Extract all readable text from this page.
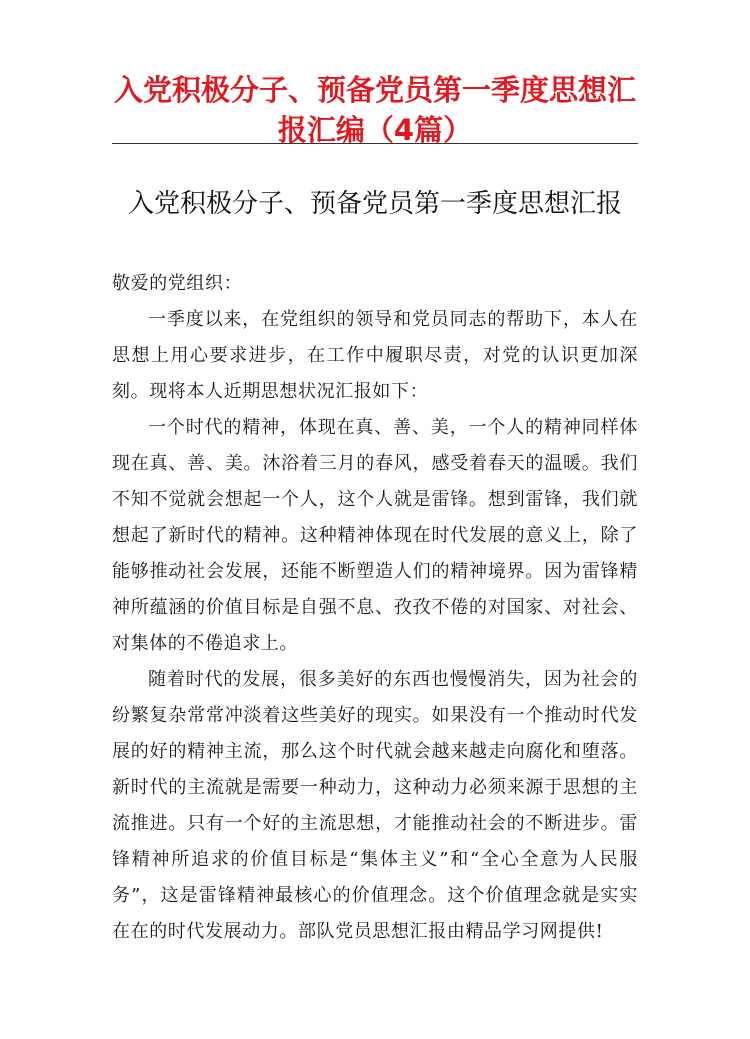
入党积极分子、预备党员第一季度思想汇报汇编（4篇）
入党积极分子、预备党员第一季度思想汇报

敬爱的党组织：

一季度以来，在党组织的领导和党员同志的帮助下，本人在思想上用心要求进步，在工作中履职尽责，对党的认识更加深刻。现将本人近期思想状况汇报如下：

一个时代的精神，体现在真、善、美，一个人的精神同样体现在真、善、美。沐浴着三月的春风，感受着春天的温暖。我们不知不觉就会想起一个人，这个人就是雷锋。想到雷锋，我们就想起了新时代的精神。这种精神体现在时代发展的意义上，除了能够推动社会发展，还能不断塑造人们的精神境界。因为雷锋精神所蕴涵的价值目标是自强不息、孜孜不倦的对国家、对社会、对集体的不倦追求上。

随着时代的发展，很多美好的东西也慢慢消失，因为社会的纷繁复杂常常冲淡着这些美好的现实。如果没有一个推动时代发展的好的精神主流，那么这个时代就会越来越走向腐化和堕落。新时代的主流就是需要一种动力，这种动力必须来源于思想的主流推进。只有一个好的主流思想，才能推动社会的不断进步。雷锋精神所追求的价值目标是“集体主义”和“全心全意为人民服务”，这是雷锋精神最核心的价值理念。这个价值理念就是实实在在的时代发展动力。部队党员思想汇报由精品学习网提供!
